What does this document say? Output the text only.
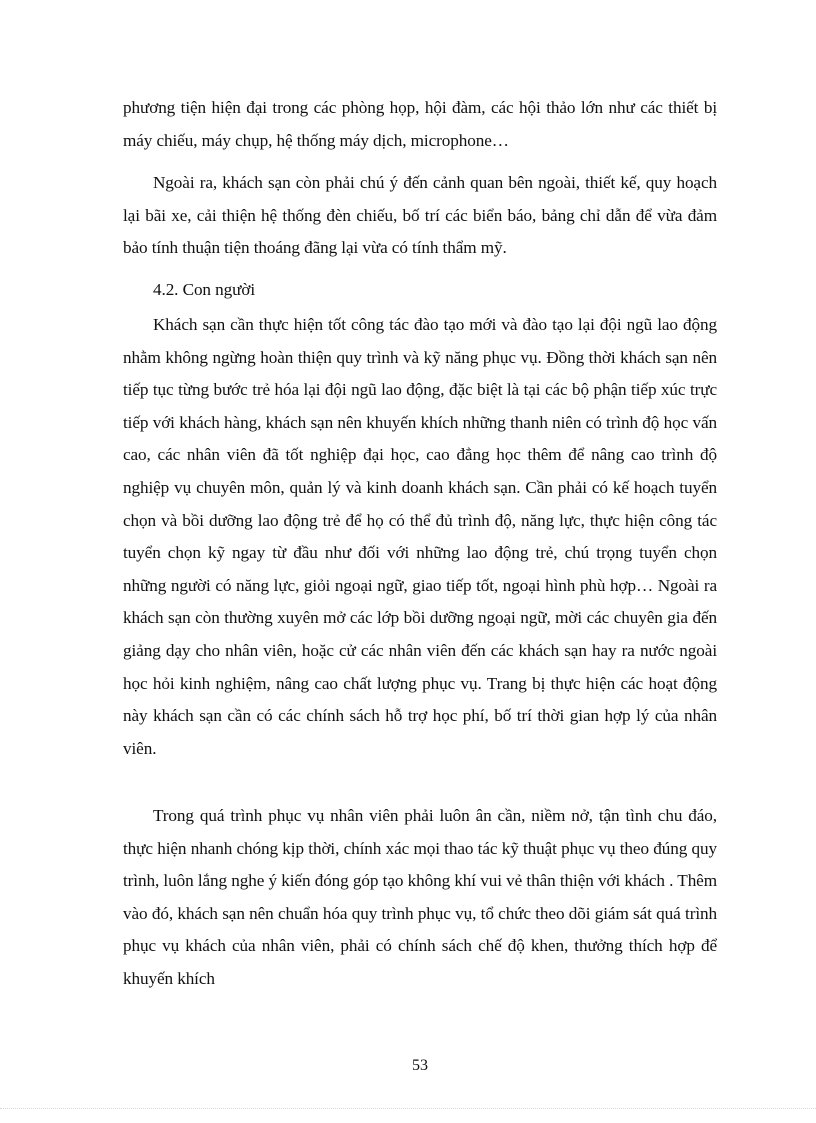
phương tiện hiện đại trong các phòng họp, hội đàm, các hội thảo lớn như các thiết bị máy chiếu, máy chụp, hệ thống máy dịch, microphone…

Ngoài ra, khách sạn còn phải chú ý đến cảnh quan bên ngoài, thiết kế, quy hoạch lại bãi xe, cải thiện hệ thống đèn chiếu, bố trí các biển báo, bảng chỉ dẫn để vừa đảm bảo tính thuận tiện thoáng đãng lại vừa có tính thẩm mỹ.

4.2. Con người

Khách sạn cần thực hiện tốt công tác đào tạo mới và đào tạo lại đội ngũ lao động nhằm không ngừng hoàn thiện quy trình và kỹ năng phục vụ. Đồng thời khách sạn nên tiếp tục từng bước trẻ hóa lại đội ngũ lao động, đặc biệt là tại các bộ phận tiếp xúc trực tiếp với khách hàng, khách sạn nên khuyến khích những thanh niên có trình độ học vấn cao, các nhân viên đã tốt nghiệp đại học, cao đẳng học thêm để nâng cao trình độ nghiệp vụ chuyên môn, quản lý và kinh doanh khách sạn. Cần phải có kế hoạch tuyển chọn và bồi dưỡng lao động trẻ để họ có thể đủ trình độ, năng lực, thực hiện công tác tuyển chọn kỹ ngay từ đầu như đối với những lao động trẻ, chú trọng tuyển chọn những người có năng lực, giỏi ngoại ngữ, giao tiếp tốt, ngoại hình phù hợp… Ngoài ra khách sạn còn thường xuyên mở các lớp bồi dưỡng ngoại ngữ, mời các chuyên gia đến giảng dạy cho nhân viên, hoặc cử các nhân viên đến các khách sạn hay ra nước ngoài học hỏi kinh nghiệm, nâng cao chất lượng phục vụ. Trang bị thực hiện các hoạt động này khách sạn cần có các chính sách hỗ trợ học phí, bố trí thời gian hợp lý của nhân viên.

Trong quá trình phục vụ nhân viên phải luôn ân cần, niềm nở, tận tình chu đáo, thực hiện nhanh chóng kịp thời, chính xác mọi thao tác kỹ thuật phục vụ theo đúng quy trình, luôn lắng nghe ý kiến đóng góp tạo không khí vui vẻ thân thiện với khách . Thêm vào đó, khách sạn nên chuẩn hóa quy trình phục vụ, tổ chức theo dõi giám sát quá trình phục vụ khách của nhân viên, phải có chính sách chế độ khen, thưởng thích hợp để khuyến khích

53
